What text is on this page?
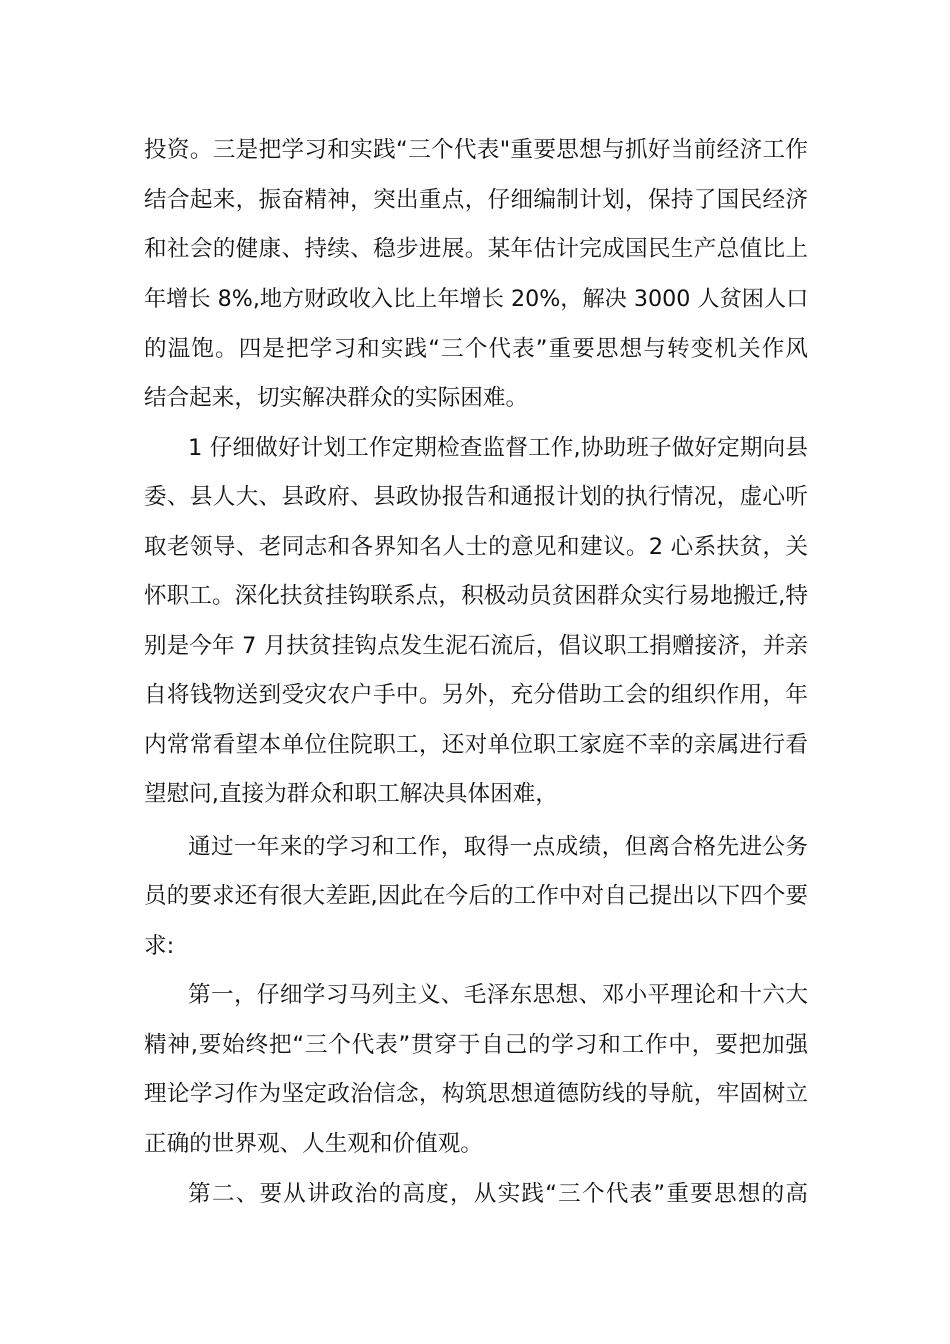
投资。三是把学习和实践“三个代表"重要思想与抓好当前经济工作
结合起来，振奋精神，突出重点，仔细编制计划，保持了国民经济
和社会的健康、持续、稳步进展。某年估计完成国民生产总值比上
年增长 8%,地方财政收入比上年增长 20%，解决 3000 人贫困人口
的温饱。四是把学习和实践“三个代表”重要思想与转变机关作风
结合起来，切实解决群众的实际困难。
1 仔细做好计划工作定期检查监督工作,协助班子做好定期向县
委、县人大、县政府、县政协报告和通报计划的执行情况，虚心听
取老领导、老同志和各界知名人士的意见和建议。2 心系扶贫，关
怀职工。深化扶贫挂钩联系点，积极动员贫困群众实行易地搬迁,特
别是今年 7 月扶贫挂钩点发生泥石流后，倡议职工捐赠接济，并亲
自将钱物送到受灾农户手中。另外，充分借助工会的组织作用，年
内常常看望本单位住院职工，还对单位职工家庭不幸的亲属进行看
望慰问,直接为群众和职工解决具体困难，
通过一年来的学习和工作，取得一点成绩，但离合格先进公务
员的要求还有很大差距,因此在今后的工作中对自己提出以下四个要
求:
第一，仔细学习马列主义、毛泽东思想、邓小平理论和十六大
精神,要始终把“三个代表”贯穿于自己的学习和工作中，要把加强
理论学习作为坚定政治信念，构筑思想道德防线的导航，牢固树立
正确的世界观、人生观和价值观。
第二、要从讲政治的高度，从实践“三个代表”重要思想的高
